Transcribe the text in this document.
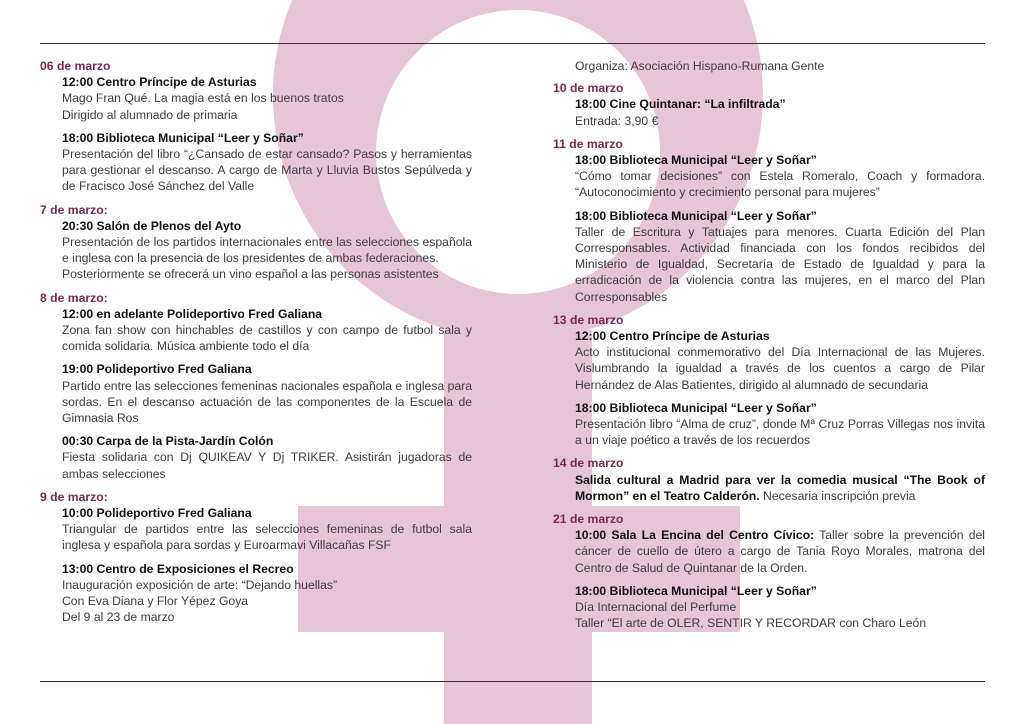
06 de marzo
12:00 Centro Príncipe de Asturias
Mago Fran Qué. La magia está en los buenos tratos
Dirigido al alumnado de primaria
18:00 Biblioteca Municipal “Leer y Soñar”
Presentación del libro “¿Cansado de estar cansado? Pasos y herramientas para gestionar el descanso. A cargo de Marta y Lluvia Bustos Sepúlveda y de Fracisco José Sánchez del Valle
7 de marzo:
20:30 Salón de Plenos del Ayto
Presentación de los partidos internacionales entre las selecciones española e inglesa con la presencia de los presidentes de ambas federaciones.
Posteriormente se ofrecerá un vino español a las personas asistentes
8 de marzo:
12:00 en adelante Polideportivo Fred Galiana
Zona fan show con hinchables de castillos y con campo de futbol sala y comida solidaria. Música ambiente todo el día
19:00 Polideportivo Fred Galiana
Partido entre las selecciones femeninas nacionales española e inglesa para sordas. En el descanso actuación de las componentes de la Escuela de Gimnasia Ros
00:30 Carpa de la Pista-Jardín Colón
Fiesta solidaria con Dj QUIKEAV Y Dj TRIKER. Asistirán jugadoras de ambas selecciones
9 de marzo:
10:00 Polideportivo Fred Galiana
Triangular de partidos entre las selecciones femeninas de futbol sala inglesa y española para sordas y Euroarmavi Villacañas FSF
13:00 Centro de Exposiciones el Recreo
Inauguración exposición de arte: “Dejando huellas”
Con Eva Diana y Flor Yépez Goya
Del 9 al 23 de marzo
Organiza: Asociación Hispano-Rumana Gente
10 de marzo
18:00 Cine Quintanar: “La infiltrada”
Entrada: 3,90 €
11 de marzo
18:00 Biblioteca Municipal “Leer y Soñar”
“Cómo tomar decisiones” con Estela Romeralo, Coach y formadora. “Autoconocimiento y crecimiento personal para mujeres”
18:00 Biblioteca Municipal “Leer y Soñar”
Taller de Escritura y Tatuajes para menores. Cuarta Edición del Plan Corresponsables. Actividad financiada con los fondos recibidos del Ministerio de Igualdad, Secretaría de Estado de Igualdad y para la erradicación de la violencia contra las mujeres, en el marco del Plan Corresponsables
13 de marzo
12:00 Centro Príncipe de Asturias
Acto institucional conmemorativo del Día Internacional de las Mujeres. Vislumbrando la igualdad a través de los cuentos a cargo de Pilar Hernández de Alas Batientes, dirigido al alumnado de secundaria
18:00 Biblioteca Municipal “Leer y Soñar”
Presentación libro “Alma de cruz”, donde Mª Cruz Porras Villegas nos invita a un viaje poético a través de los recuerdos
14 de marzo
Salida cultural a Madrid para ver la comedia musical “The Book of Mormon” en el Teatro Calderón. Necesaria inscripción previa
21 de marzo
10:00 Sala La Encina del Centro Cívico: Taller sobre la prevención del cáncer de cuello de útero a cargo de Tania Royo Morales, matrona del Centro de Salud de Quintanar de la Orden.
18:00 Biblioteca Municipal “Leer y Soñar”
Día Internacional del Perfume
Taller “El arte de OLER, SENTIR Y RECORDAR con Charo León
